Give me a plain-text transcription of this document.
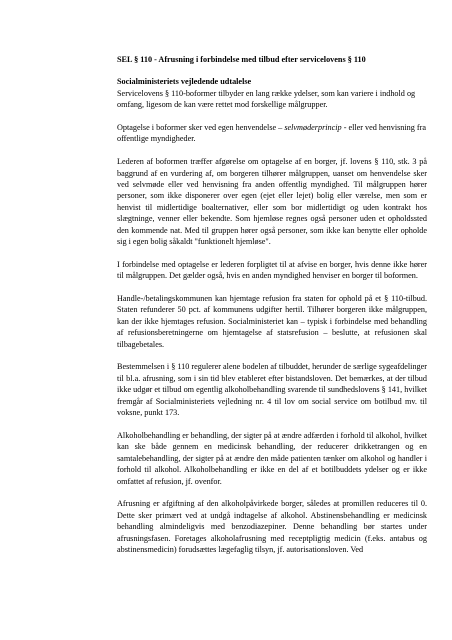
SEL § 110 - Afrusning i forbindelse med tilbud efter servicelovens § 110
Socialministeriets vejledende udtalelse

Servicelovens § 110-boformer tilbyder en lang række ydelser, som kan variere i indhold og omfang, ligesom de kan være rettet mod forskellige målgrupper.

Optagelse i boformer sker ved egen henvendelse – selvmøderprincip - eller ved henvisning fra offentlige myndigheder.

Lederen af boformen træffer afgørelse om optagelse af en borger, jf. lovens § 110, stk. 3 på baggrund af en vurdering af, om borgeren tilhører målgruppen, uanset om henvendelse sker ved selvmøde eller ved henvisning fra anden offentlig myndighed. Til målgruppen hører personer, som ikke disponerer over egen (ejet eller lejet) bolig eller værelse, men som er henvist til midlertidige boalternativer, eller som bor midlertidigt og uden kontrakt hos slægtninge, venner eller bekendte. Som hjemløse regnes også personer uden et opholdssted den kommende nat. Med til gruppen hører også personer, som ikke kan benytte eller opholde sig i egen bolig såkaldt "funktionelt hjemløse".

I forbindelse med optagelse er lederen forpligtet til at afvise en borger, hvis denne ikke hører til målgruppen. Det gælder også, hvis en anden myndighed henviser en borger til boformen.

Handle-/betalingskommunen kan hjemtage refusion fra staten for ophold på et § 110-tilbud. Staten refunderer 50 pct. af kommunens udgifter hertil. Tilhører borgeren ikke målgruppen, kan der ikke hjemtages refusion. Socialministeriet kan – typisk i forbindelse med behandling af refusionsberetningerne om hjemtagelse af statsrefusion – beslutte, at refusionen skal tilbagebetales.

Bestemmelsen i § 110 regulerer alene bodelen af tilbuddet, herunder de særlige sygeafdelinger til bl.a. afrusning, som i sin tid blev etableret efter bistandsloven. Det bemærkes, at der tilbud ikke udgør et tilbud om egentlig alkoholbehandling svarende til sundhedslovens § 141, hvilket fremgår af Socialministeriets vejledning nr. 4 til lov om social service om botilbud mv. til voksne, punkt 173.

Alkoholbehandling er behandling, der sigter på at ændre adfærden i forhold til alkohol, hvilket kan ske både gennem en medicinsk behandling, der reducerer drikketrangen og en samtalebehandling, der sigter på at ændre den måde patienten tænker om alkohol og handler i forhold til alkohol. Alkoholbehandling er ikke en del af et botilbuddets ydelser og er ikke omfattet af refusion, jf. ovenfor.

Afrusning er afgiftning af den alkoholpåvirkede borger, således at promillen reduceres til 0. Dette sker primært ved at undgå indtagelse af alkohol. Abstinensbehandling er medicinsk behandling almindeligvis med benzodiazepiner. Denne behandling bør startes under afrusningsfasen. Foretages alkoholafrusning med receptpligtig medicin (f.eks. antabus og abstinensmedicin) forudsættes lægefaglig tilsyn, jf. autorisationsloven. Ved
